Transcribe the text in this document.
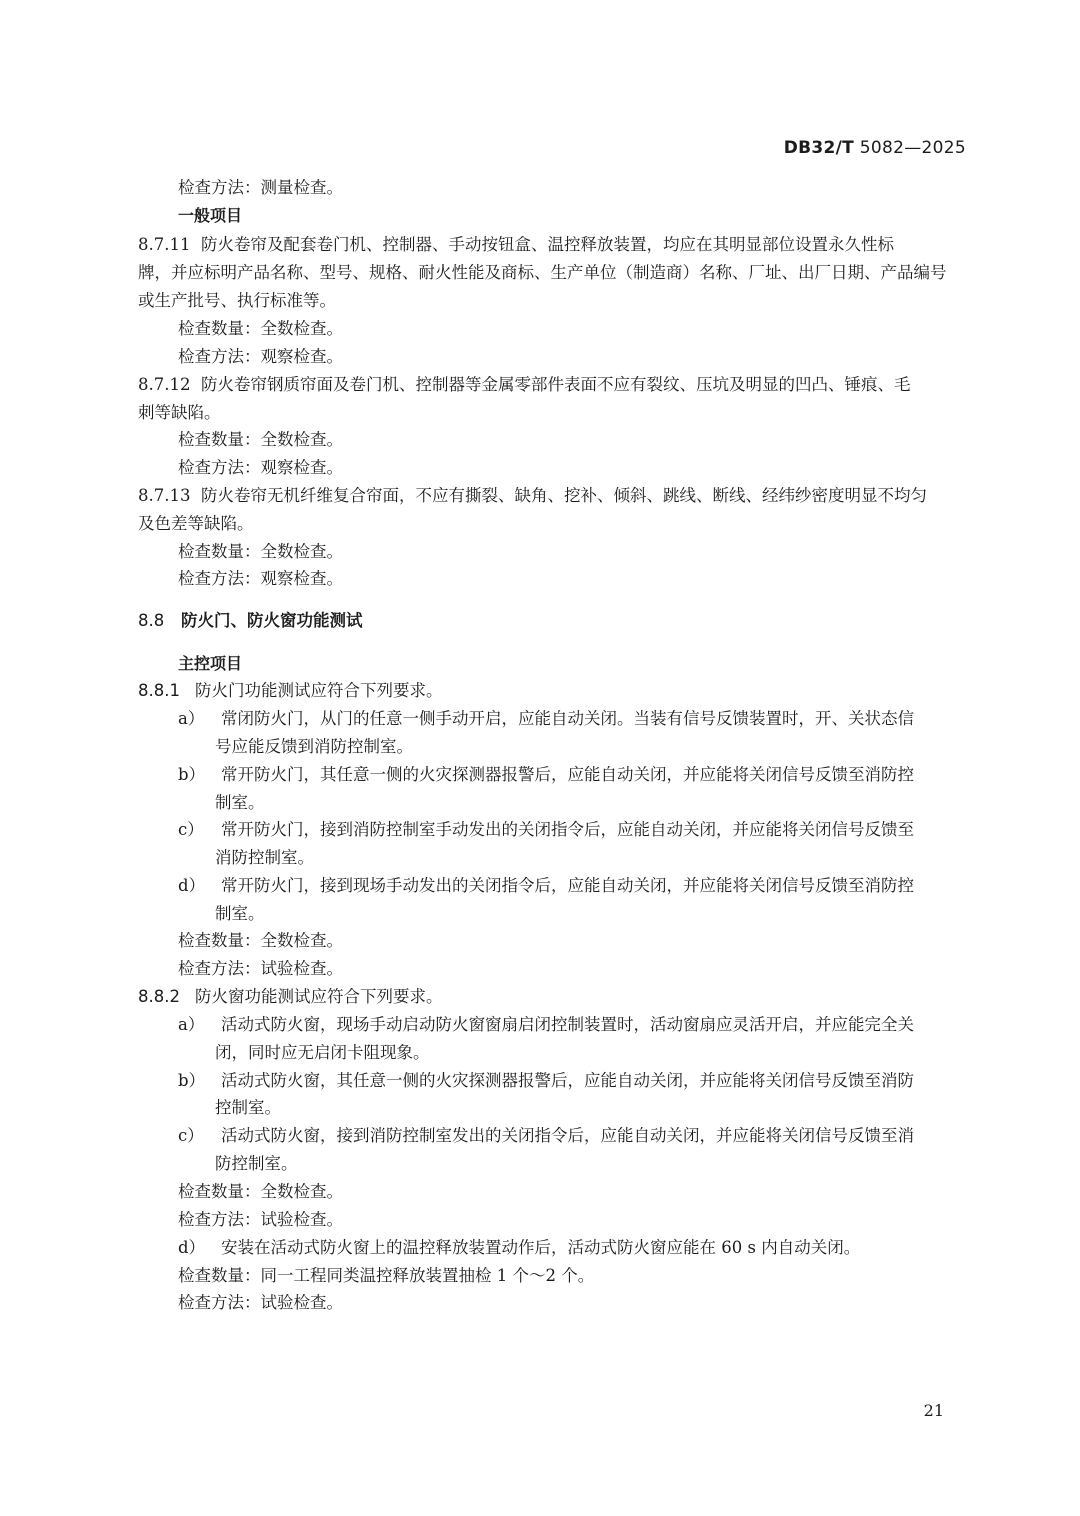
DB32/T 5082—2025
检查方法：测量检查。
一般项目
8.7.11 防火卷帘及配套卷门机、控制器、手动按钮盒、温控释放装置，均应在其明显部位设置永久性标
牌，并应标明产品名称、型号、规格、耐火性能及商标、生产单位（制造商）名称、厂址、出厂日期、产品编号
或生产批号、执行标准等。
检查数量：全数检查。
检查方法：观察检查。
8.7.12 防火卷帘钢质帘面及卷门机、控制器等金属零部件表面不应有裂纹、压坑及明显的凹凸、锤痕、毛
刺等缺陷。
检查数量：全数检查。
检查方法：观察检查。
8.7.13 防火卷帘无机纤维复合帘面，不应有撕裂、缺角、挖补、倾斜、跳线、断线、经纬纱密度明显不均匀
及色差等缺陷。
检查数量：全数检查。
检查方法：观察检查。
8.8 防火门、防火窗功能测试
主控项目
8.8.1 防火门功能测试应符合下列要求。
a） 常闭防火门，从门的任意一侧手动开启，应能自动关闭。当装有信号反馈装置时，开、关状态信
号应能反馈到消防控制室。
b） 常开防火门，其任意一侧的火灾探测器报警后，应能自动关闭，并应能将关闭信号反馈至消防控
制室。
c） 常开防火门，接到消防控制室手动发出的关闭指令后，应能自动关闭，并应能将关闭信号反馈至
消防控制室。
d） 常开防火门，接到现场手动发出的关闭指令后，应能自动关闭，并应能将关闭信号反馈至消防控
制室。
检查数量：全数检查。
检查方法：试验检查。
8.8.2 防火窗功能测试应符合下列要求。
a） 活动式防火窗，现场手动启动防火窗窗扇启闭控制装置时，活动窗扇应灵活开启，并应能完全关
闭，同时应无启闭卡阻现象。
b） 活动式防火窗，其任意一侧的火灾探测器报警后，应能自动关闭，并应能将关闭信号反馈至消防
控制室。
c） 活动式防火窗，接到消防控制室发出的关闭指令后，应能自动关闭，并应能将关闭信号反馈至消
防控制室。
检查数量：全数检查。
检查方法：试验检查。
d） 安装在活动式防火窗上的温控释放装置动作后，活动式防火窗应能在 60 s 内自动关闭。
检查数量：同一工程同类温控释放装置抽检 1 个～2 个。
检查方法：试验检查。
21
